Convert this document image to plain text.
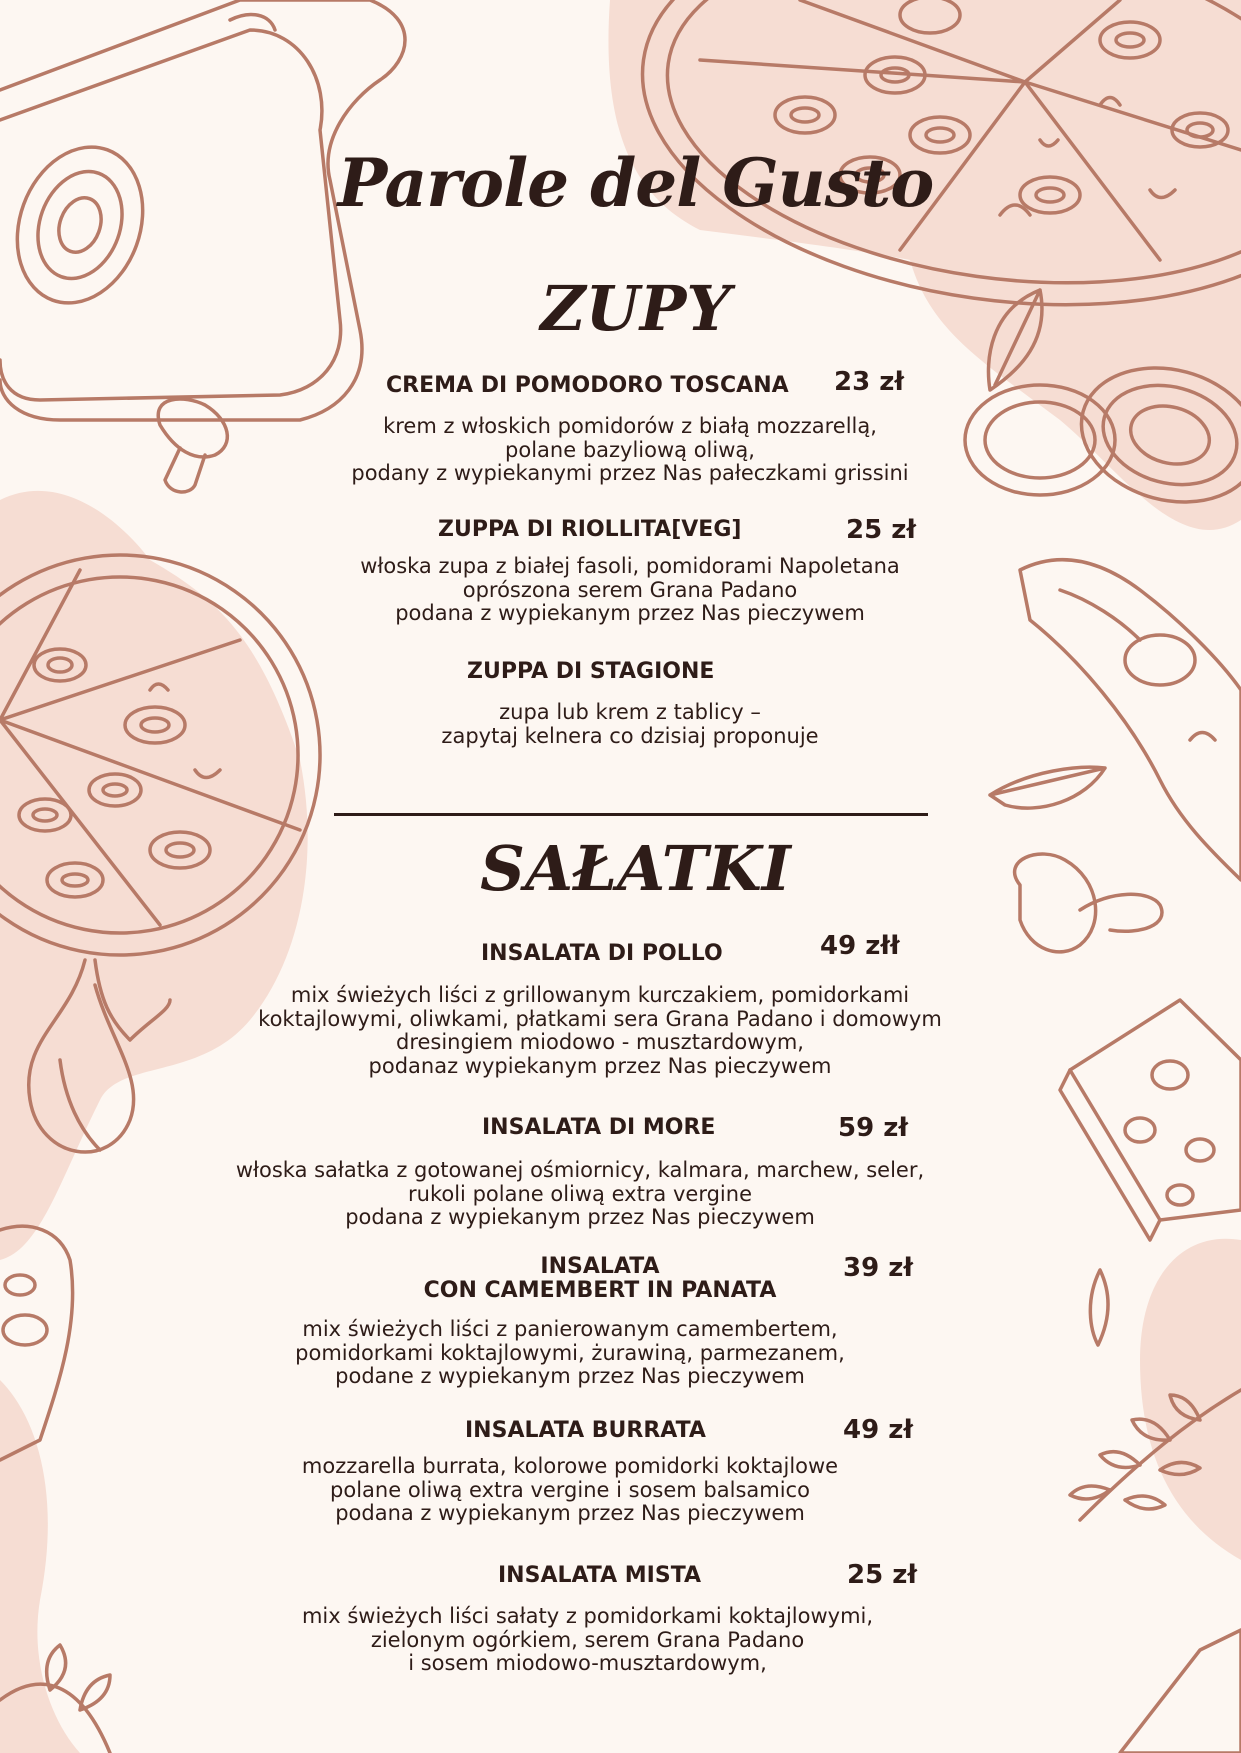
Parole del Gusto
ZUPY
CREMA DI POMODORO TOSCANA 23 zł
krem z włoskich pomidorów z białą mozzarellą,
polane bazyliową oliwą,
podany z wypiekanymi przez Nas pałeczkami grissini
ZUPPA DI RIOLLITA[VEG]	25 zł
włoska zupa z białej fasoli, pomidorami Napoletana
oprószona serem Grana Padano
podana z wypiekanym przez Nas pieczywem
ZUPPA DI STAGIONE
zupa lub krem z tablicy –
zapytaj kelnera co dzisiaj proponuje
SAŁATKI
INSALATA DI POLLO	49 złł
mix świeżych liści z grillowanym kurczakiem, pomidorkami
koktajlowymi, oliwkami, płatkami sera Grana Padano i domowym
dresingiem miodowo - musztardowym,
podanaz wypiekanym przez Nas pieczywem
INSALATA DI MORE	59 zł
włoska sałatka z gotowanej ośmiornicy, kalmara, marchew, seler,
rukoli polane oliwą extra vergine
podana z wypiekanym przez Nas pieczywem
INSALATA
CON CAMEMBERT IN PANATA
39 zł
mix świeżych liści z panierowanym camembertem,
pomidorkami koktajlowymi, żurawiną, parmezanem,
podane z wypiekanym przez Nas pieczywem
INSALATA BURRATA	49 zł
mozzarella burrata, kolorowe pomidorki koktajlowe
polane oliwą extra vergine i sosem balsamico
podana z wypiekanym przez Nas pieczywem
INSALATA MISTA	25 zł
mix świeżych liści sałaty z pomidorkami koktajlowymi,
zielonym ogórkiem, serem Grana Padano
i sosem miodowo-musztardowym,
